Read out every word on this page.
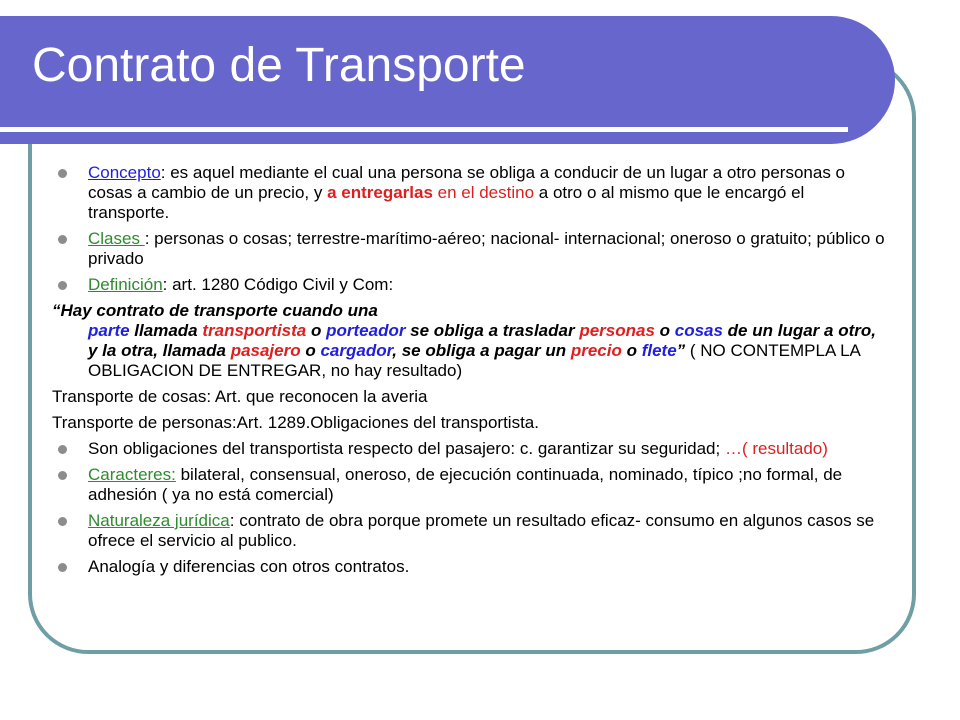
Contrato de Transporte

Concepto: es aquel mediante el cual una persona se obliga a conducir de un lugar a otro personas o cosas a cambio de un precio, y a entregarlas en el destino a otro o al mismo que le encargó el transporte.

Clases : personas o cosas; terrestre-marítimo-aéreo; nacional- internacional; oneroso o gratuito; público o privado

Definición: art. 1280 Código Civil y Com:

“Hay contrato de transporte cuando una
parte llamada transportista o porteador se obliga a trasladar personas o cosas de un lugar a otro, y la otra, llamada pasajero o cargador, se obliga a pagar un precio o flete” ( NO CONTEMPLA LA OBLIGACION DE ENTREGAR, no hay resultado)

Transporte de cosas: Art. que reconocen la averia

Transporte de personas:Art. 1289.Obligaciones del transportista.

Son obligaciones del transportista respecto del pasajero: c. garantizar su seguridad; …( resultado)

Caracteres: bilateral, consensual, oneroso, de ejecución continuada, nominado, típico ;no formal, de adhesión ( ya no está comercial)

Naturaleza jurídica: contrato de obra porque promete un resultado eficaz- consumo en algunos casos se ofrece el servicio al publico.

Analogía y diferencias con otros contratos.
